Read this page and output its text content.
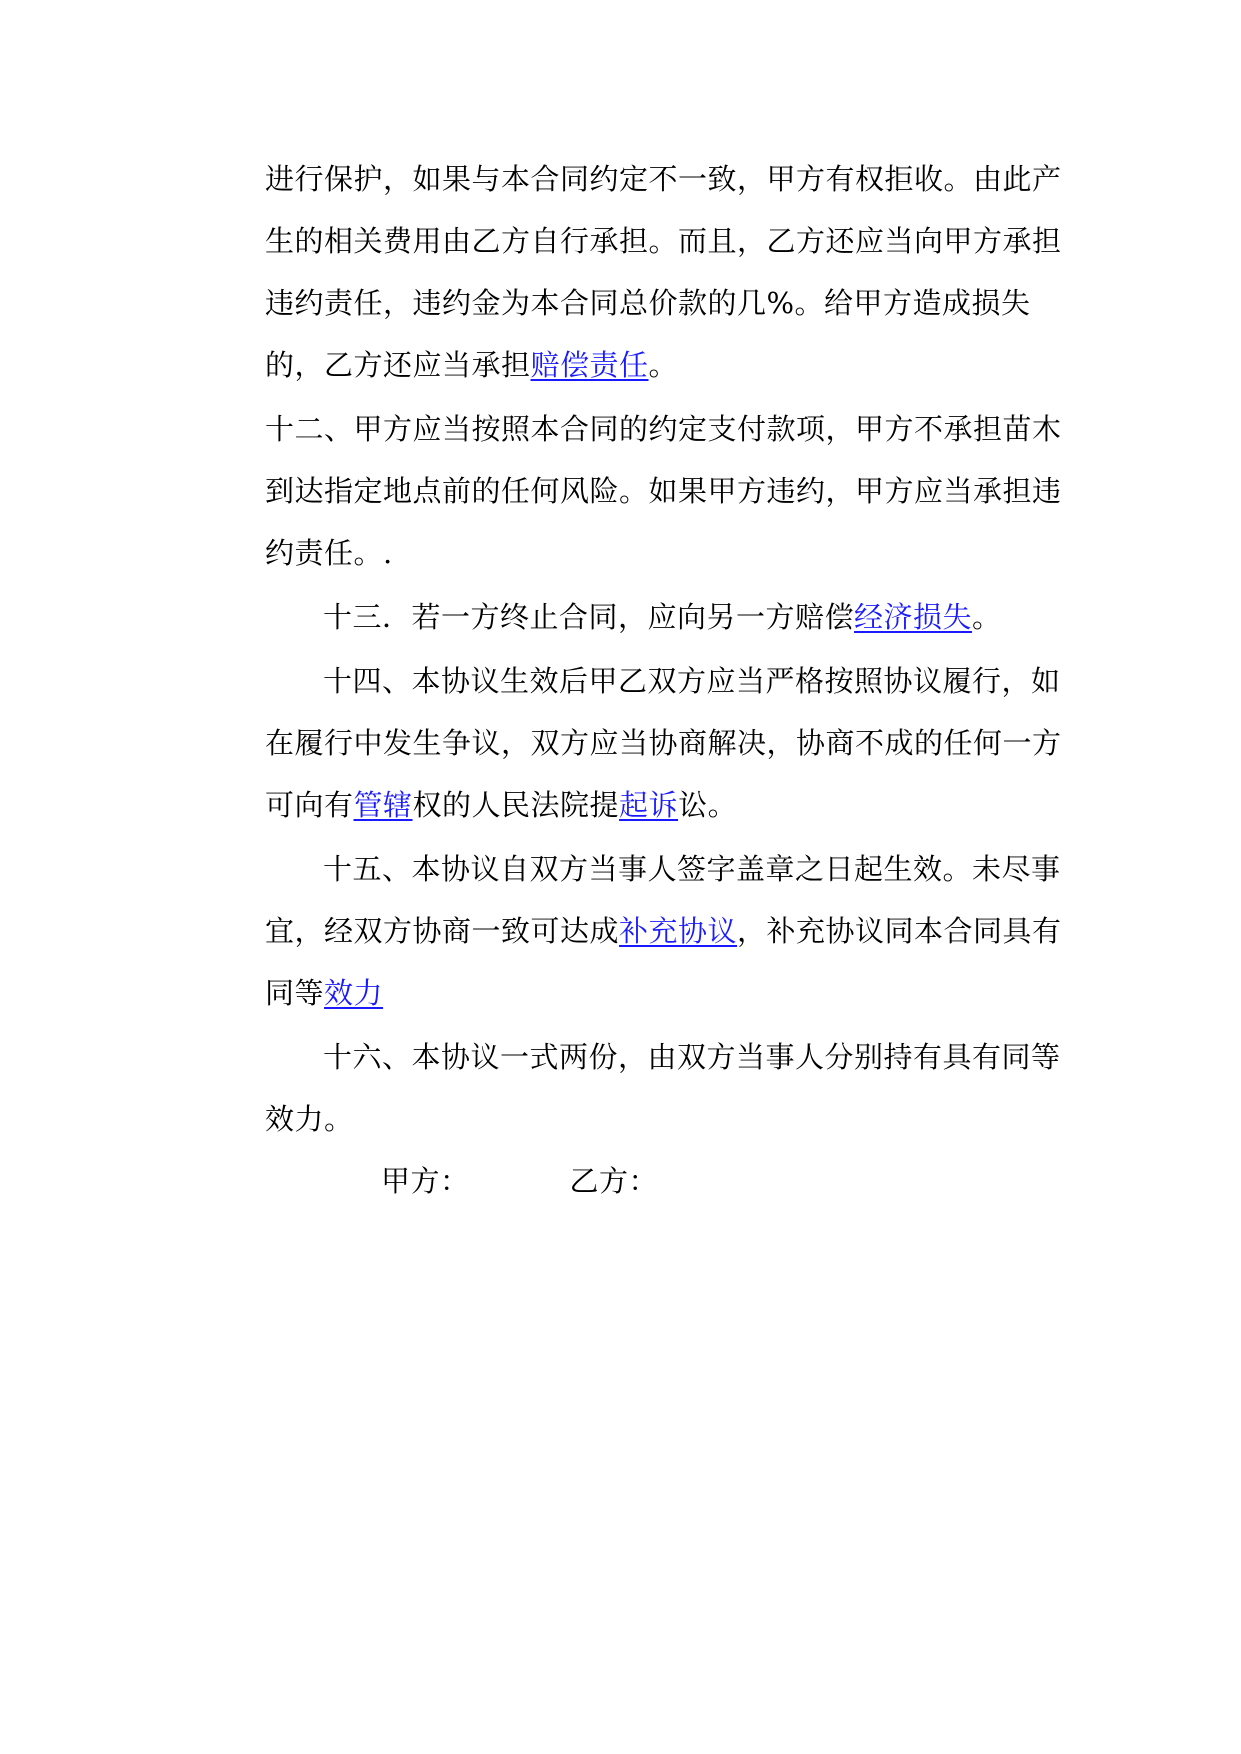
进行保护，如果与本合同约定不一致，甲方有权拒收。由此产生的相关费用由乙方自行承担。而且，乙方还应当向甲方承担违约责任，违约金为本合同总价款的几%。给甲方造成损失的，乙方还应当承担赔偿责任。

十二、甲方应当按照本合同的约定支付款项，甲方不承担苗木到达指定地点前的任何风险。如果甲方违约，甲方应当承担违约责任。.

十三．若一方终止合同，应向另一方赔偿经济损失。

十四、本协议生效后甲乙双方应当严格按照协议履行，如在履行中发生争议，双方应当协商解决，协商不成的任何一方可向有管辖权的人民法院提起诉讼。

十五、本协议自双方当事人签字盖章之日起生效。未尽事宜，经双方协商一致可达成补充协议，补充协议同本合同具有同等效力

十六、本协议一式两份，由双方当事人分别持有具有同等效力。

甲方：	乙方：
